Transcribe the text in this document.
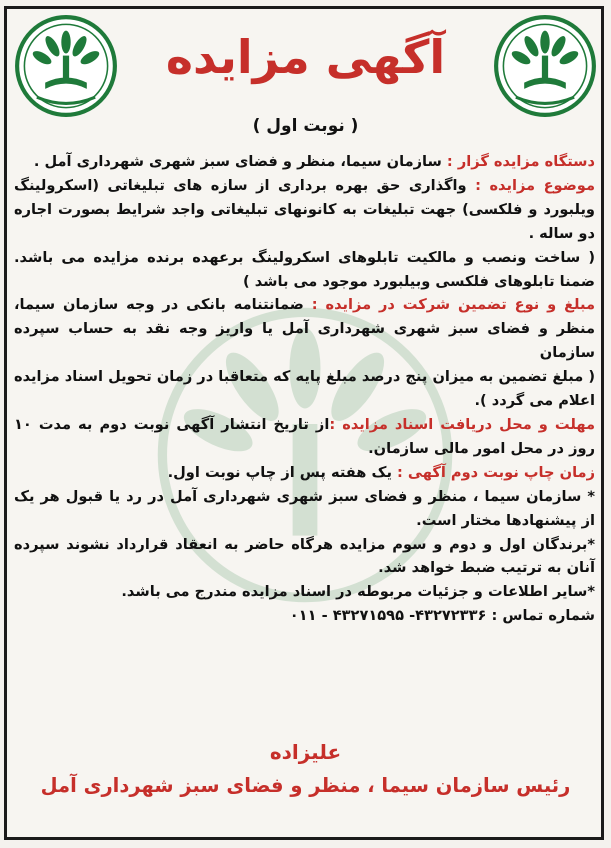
آگهی مزایده
( نوبت اول )

دستگاه مزایده گزار : سازمان سیما، منظر و فضای سبز شهری شهرداری آمل .

موضوع مزایده : واگذاری حق بهره برداری از سازه های تبلیغاتی (اسکرولینگ ویلبورد و فلکسی) جهت تبلیغات به کانونهای تبلیغاتی واجد شرایط بصورت اجاره دو ساله .

( ساخت ونصب و مالکیت تابلوهای اسکرولینگ برعهده برنده مزایده می باشد. ضمنا تابلوهای فلکسی وبیلبورد موجود می باشد )

مبلغ و نوع تضمین شرکت در مزایده : ضمانتنامه بانکی در وجه سازمان سیما، منظر و فضای سبز شهری شهرداری آمل یا واریز وجه نقد به حساب سپرده سازمان

( مبلغ تضمین به میزان پنج درصد مبلغ پایه که متعاقبا در زمان تحویل اسناد مزایده اعلام می گردد ).

مهلت و محل دریافت اسناد مزایده :از تاریخ انتشار آگهی نوبت دوم به مدت ۱۰ روز در محل امور مالی سازمان.

زمان چاپ نوبت دوم آگهی : یک هفته پس از چاپ نوبت اول.

* سازمان سیما ، منظر و فضای سبز شهری شهرداری آمل در رد یا قبول هر یک از پیشنهادها مختار است.

*برندگان اول و دوم و سوم مزایده هرگاه حاضر به انعقاد قرارداد نشوند سپرده آنان به ترتیب ضبط خواهد شد.

*سایر اطلاعات و جزئیات مربوطه در اسناد مزایده مندرج می باشد.

شماره تماس : ۴۳۲۷۲۳۳۶- ۴۳۲۷۱۵۹۵ - ۰۱۱

علیزاده
رئیس سازمان سیما ، منظر و فضای سبز شهرداری آمل
